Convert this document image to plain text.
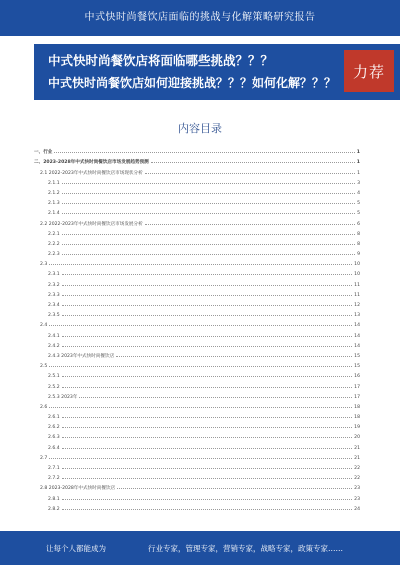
中式快时尚餐饮店面临的挑战与化解策略研究报告
中式快时尚餐饮店将面临哪些挑战？？？
中式快时尚餐饮店如何迎接挑战？？？如何化解？？？
力荐
内容目录
一、行业	1
二、2023-2028年中式快时尚餐饮店市场发展趋势预测	1
2.1 2022-2023年中式快时尚餐饮店市场现状分析	1
2.1.1	3
2.1.2	4
2.1.3	5
2.1.4	5
2.2 2022-2023年中式快时尚餐饮店市场发展分析	6
2.2.1	8
2.2.2	8
2.2.3	9
2.3	10
2.3.1	10
2.3.2	11
2.3.3	11
2.3.4	12
2.3.5	13
2.4	14
2.4.1	14
2.4.2	14
2.4.3 2023年中式快时尚餐饮店	15
2.5	15
2.5.1	16
2.5.2	17
2.5.3 2023年	17
2.6	18
2.6.1	18
2.6.2	19
2.6.3	20
2.6.4	21
2.7	21
2.7.1	22
2.7.2	22
2.8 2023-2028年中式快时尚餐饮店	23
2.8.1	23
2.8.2	24
让每个人都能成为	行业专家，管理专家，营销专家，战略专家，政策专家……
